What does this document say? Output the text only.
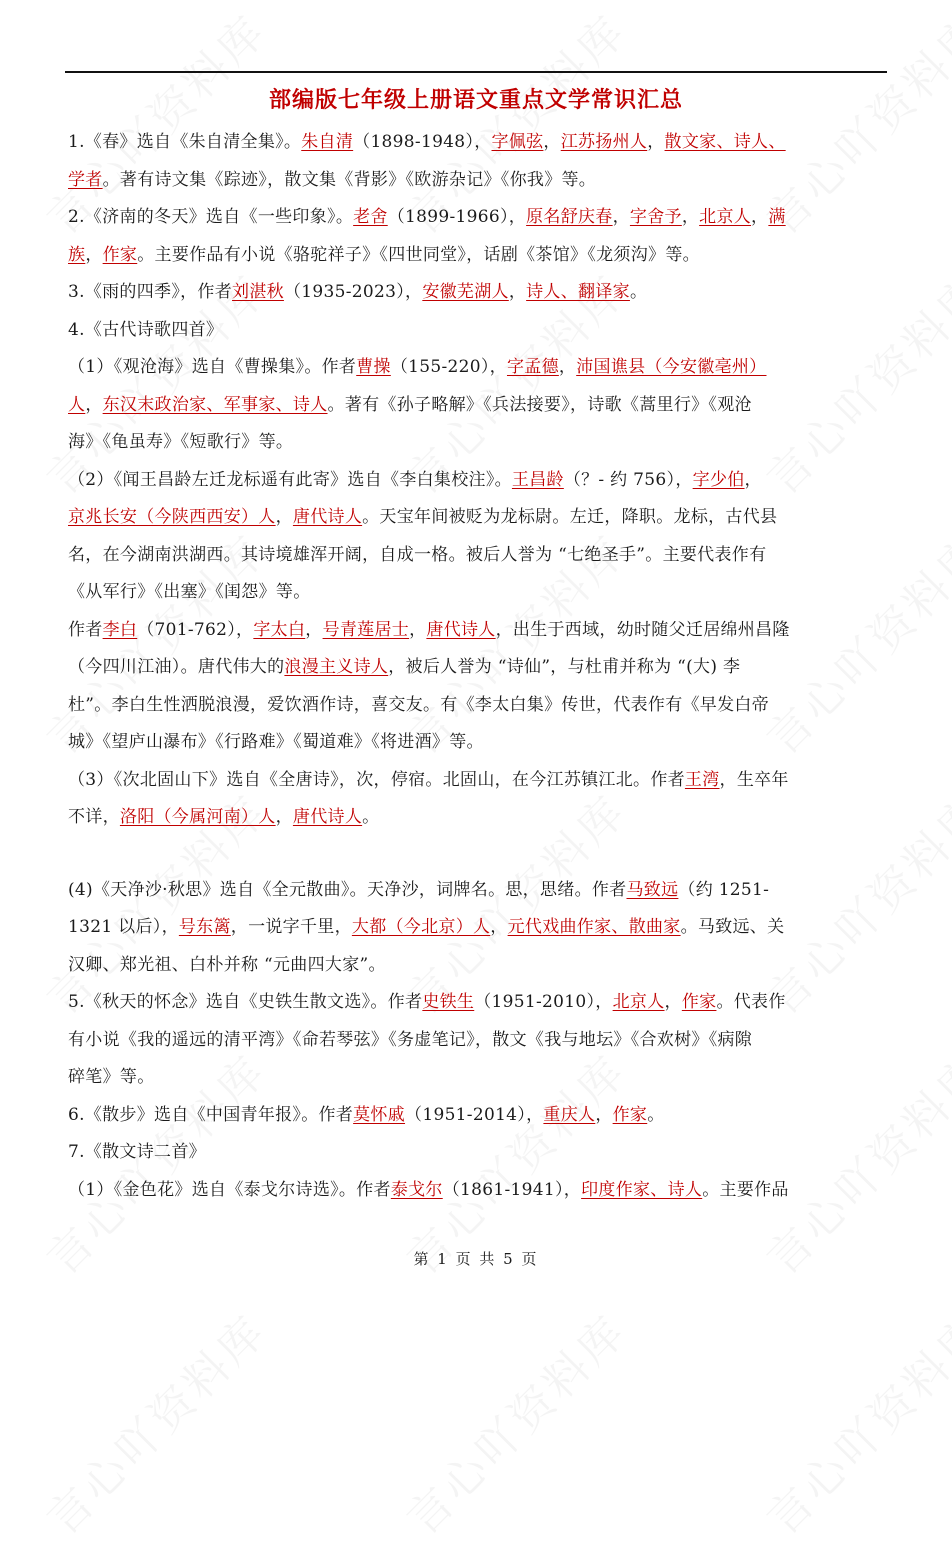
部编版七年级上册语文重点文学常识汇总
1.《春》选自《朱自清全集》。朱自清（1898-1948），字佩弦，江苏扬州人，散文家、诗人、
学者。著有诗文集《踪迹》，散文集《背影》《欧游杂记》《你我》等。
2.《济南的冬天》选自《一些印象》。老舍（1899-1966），原名舒庆春，字舍予，北京人，满
族，作家。主要作品有小说《骆驼祥子》《四世同堂》，话剧《茶馆》《龙须沟》等。
3.《雨的四季》，作者刘湛秋（1935-2023），安徽芜湖人，诗人、翻译家。
4.《古代诗歌四首》
（1）《观沧海》选自《曹操集》。作者曹操（155-220），字孟德，沛国谯县（今安徽亳州）
人，东汉末政治家、军事家、诗人。著有《孙子略解》《兵法接要》，诗歌《蒿里行》《观沧
海》《龟虽寿》《短歌行》等。
（2）《闻王昌龄左迁龙标遥有此寄》选自《李白集校注》。王昌龄（？- 约 756），字少伯，
京兆长安（今陕西西安）人，唐代诗人。天宝年间被贬为龙标尉。左迁，降职。龙标，古代县
名，在今湖南洪湖西。其诗境雄浑开阔，自成一格。被后人誉为 “七绝圣手”。主要代表作有
《从军行》《出塞》《闺怨》等。
作者李白（701-762），字太白，号青莲居士，唐代诗人，出生于西域，幼时随父迁居绵州昌隆
（今四川江油）。唐代伟大的浪漫主义诗人，被后人誉为 “诗仙”，与杜甫并称为 “(大) 李
杜”。李白生性洒脱浪漫，爱饮酒作诗，喜交友。有《李太白集》传世，代表作有《早发白帝
城》《望庐山瀑布》《行路难》《蜀道难》《将进酒》等。
（3）《次北固山下》选自《全唐诗》，次，停宿。北固山，在今江苏镇江北。作者王湾，生卒年
不详，洛阳（今属河南）人，唐代诗人。
(4)《天净沙·秋思》选自《全元散曲》。天净沙，词牌名。思，思绪。作者马致远（约 1251-
1321 以后），号东篱，一说字千里，大都（今北京）人，元代戏曲作家、散曲家。马致远、关
汉卿、郑光祖、白朴并称 “元曲四大家”。
5.《秋天的怀念》选自《史铁生散文选》。作者史铁生（1951-2010），北京人，作家。代表作
有小说《我的遥远的清平湾》《命若琴弦》《务虚笔记》，散文《我与地坛》《合欢树》《病隙
碎笔》等。
6.《散步》选自《中国青年报》。作者莫怀戚（1951-2014），重庆人，作家。
7.《散文诗二首》
（1）《金色花》选自《泰戈尔诗选》。作者泰戈尔（1861-1941），印度作家、诗人。主要作品
第 1 页 共 5 页
